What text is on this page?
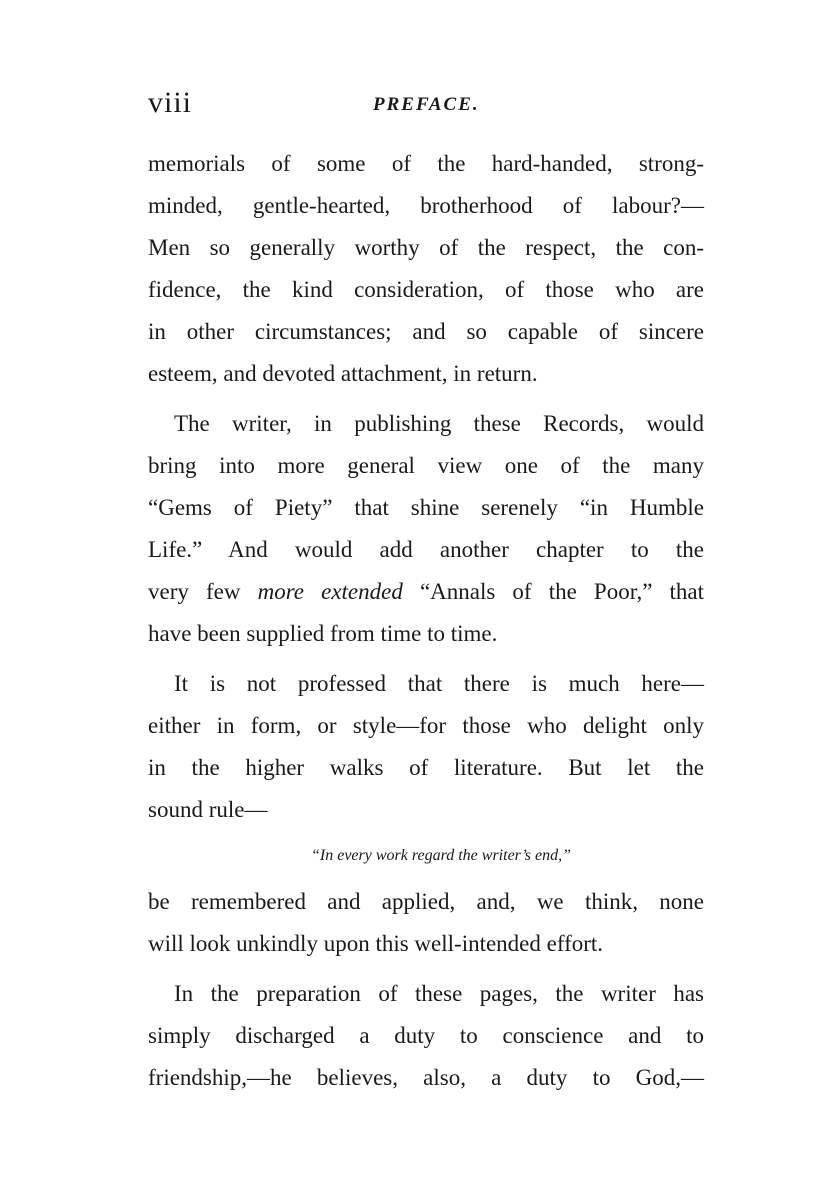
viii	PREFACE.
memorials of some of the hard-handed, strong-
minded, gentle-hearted, brotherhood of labour?—
Men so generally worthy of the respect, the con-
fidence, the kind consideration, of those who are
in other circumstances; and so capable of sincere
esteem, and devoted attachment, in return.
The writer, in publishing these Records, would
bring into more general view one of the many
“Gems of Piety” that shine serenely “in Humble
Life.” And would add another chapter to the
very few more extended “Annals of the Poor,” that
have been supplied from time to time.
It is not professed that there is much here—
either in form, or style—for those who delight only
in the higher walks of literature. But let the
sound rule—
“In every work regard the writer’s end,”
be remembered and applied, and, we think, none
will look unkindly upon this well-intended effort.
In the preparation of these pages, the writer has
simply discharged a duty to conscience and to
friendship,—he believes, also, a duty to God,—
